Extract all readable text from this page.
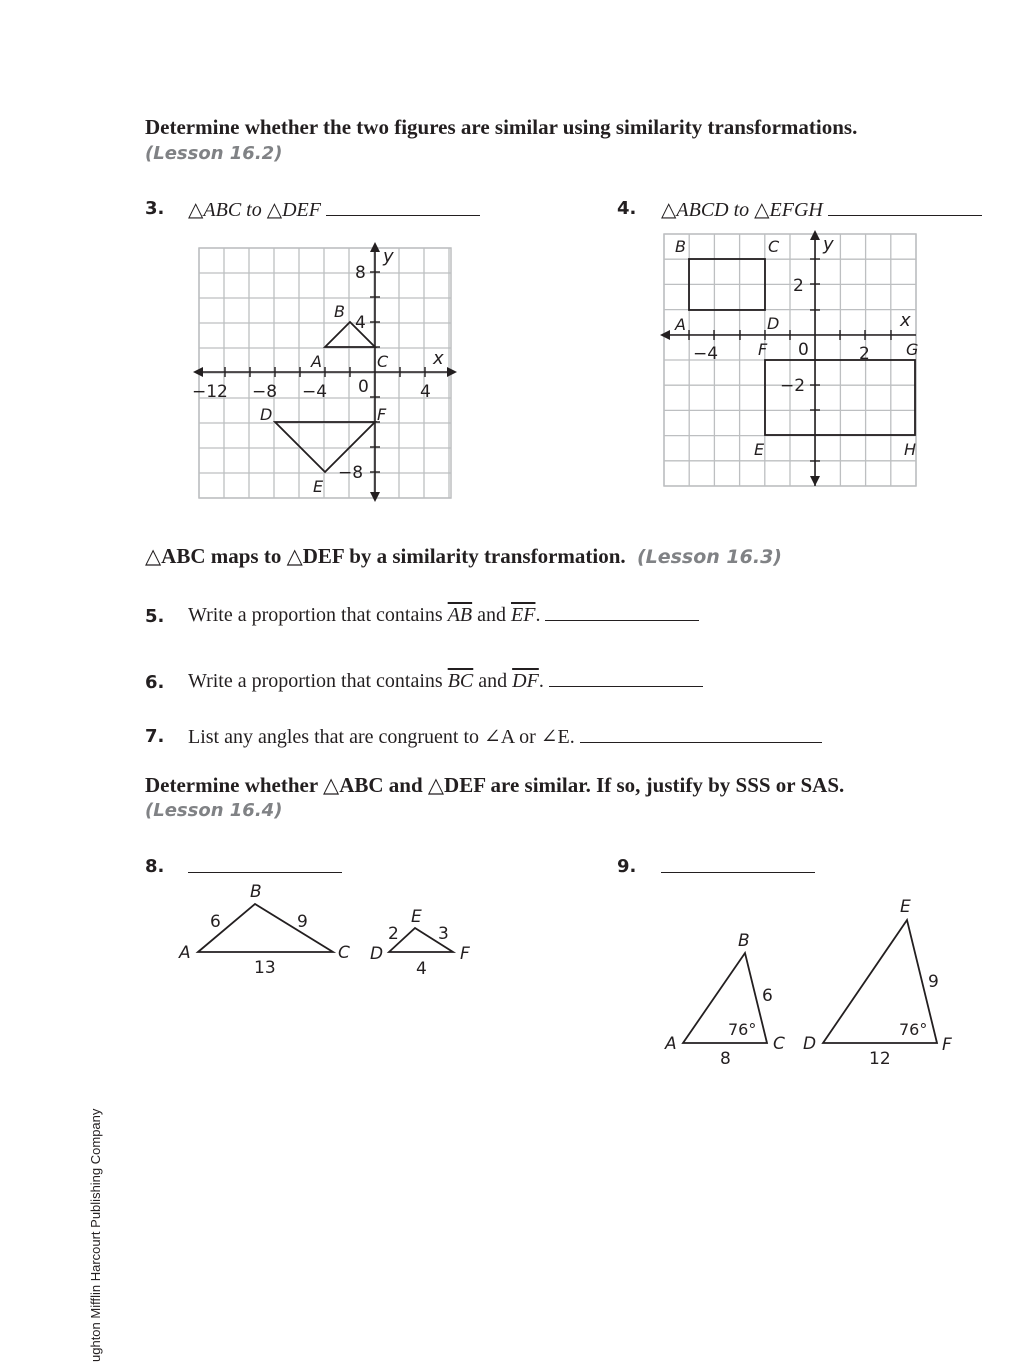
Determine whether the two figures are similar using similarity transformations.
(Lesson 16.2)
3. △ABC to △DEF	4. △ABCD to △EFGH
y
x
−12 −8 −4 0	4
8
4
−8
B
A	C
D	F
E
y
x
−4	0	2
2
−2
B	C
A	D
F	G
E	H
△ABC maps to △DEF by a similarity transformation. (Lesson 16.3)
5. Write a proportion that contains $\overline{AB}$ and $\overline{EF}$.
6. Write a proportion that contains $\overline{BC}$ and $\overline{DF}$.
7. List any angles that are congruent to ∠A or ∠E.
Determine whether △ABC and △DEF are similar. If so, justify by SSS or SAS.
(Lesson 16.4)
8.
B
A	C
6	9
13
E
D	F
2 3
4
9.
B
A	C
6
8
76°
E
D	F
9
12
76°
ughton Mifflin Harcourt Publishing Company
